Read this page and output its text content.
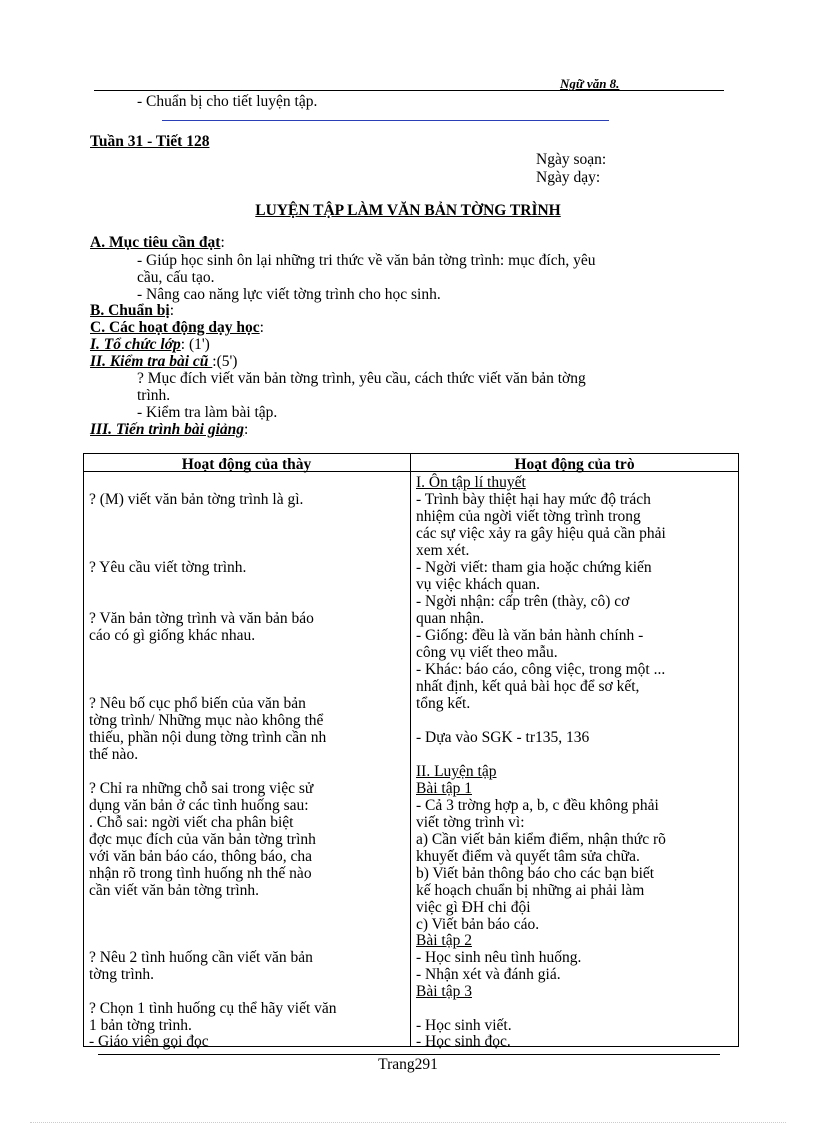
Ngữ văn 8.
- Chuẩn bị cho tiết luyện tập.
Tuần 31 - Tiết 128
Ngày soạn:
Ngày dạy:
LUYỆN TẬP LÀM VĂN BẢN TỜNG TRÌNH
A. Mục tiêu cần đạt:
- Giúp học sinh ôn lại những tri thức về văn bản tờng trình: mục đích, yêu
cầu, cấu tạo.
- Nâng cao năng lực viết tờng trình cho học sinh.
B. Chuẩn bị:
C. Các hoạt động dạy học:
I. Tổ chức lớp: (1')
II. Kiểm tra bài cũ :(5')
? Mục đích viết văn bản tờng trình, yêu cầu, cách thức viết văn bản tờng
trình.
- Kiểm tra làm bài tập.
III. Tiến trình bài giảng:
Hoạt động của thày	Hoạt động của trò
? (M) viết văn bản tờng trình là gì.
? Yêu cầu viết tờng trình.
? Văn bản tờng trình và văn bản báo
cáo có gì giống khác nhau.
? Nêu bố cục phổ biến của văn bản
tờng trình/ Những mục nào không thể
thiếu, phần nội dung tờng trình cần nh
thế nào.
? Chỉ ra những chỗ sai trong việc sử
dụng văn bản ở các tình huống sau:
. Chỗ sai: ngời viết cha phân biệt
đợc mục đích của văn bản tờng trình
với văn bản báo cáo, thông báo, cha
nhận rõ trong tình huống nh thế nào
cần viết văn bản tờng trình.
? Nêu 2 tình huống cần viết văn bản
tờng trình.
? Chọn 1 tình huống cụ thể hãy viết văn
1 bản tờng trình.
- Giáo viên gọi đọc
I. Ôn tập lí thuyết
- Trình bày thiệt hại hay mức độ trách
nhiệm của ngời viết tờng trình trong
các sự việc xảy ra gây hiệu quả cần phải
xem xét.
- Ngời viết: tham gia hoặc chứng kiến
vụ việc khách quan.
- Ngời nhận: cấp trên (thày, cô) cơ
quan nhận.
- Giống: đều là văn bản hành chính -
công vụ viết theo mẫu.
- Khác: báo cáo, công việc, trong một ...
nhất định, kết quả bài học để sơ kết,
tổng kết.
- Dựa vào SGK - tr135, 136
II. Luyện tập
Bài tập 1
- Cả 3 trờng hợp a, b, c đều không phải
viết tờng trình vì:
a) Cần viết bản kiểm điểm, nhận thức rõ
khuyết điểm và quyết tâm sửa chữa.
b) Viết bản thông báo cho các bạn biết
kế hoạch chuẩn bị những ai phải làm
việc gì ĐH chi đội
c) Viết bản báo cáo.
Bài tập 2
- Học sinh nêu tình huống.
- Nhận xét và đánh giá.
Bài tập 3
- Học sinh viết.
- Học sinh đọc.
Trang291
